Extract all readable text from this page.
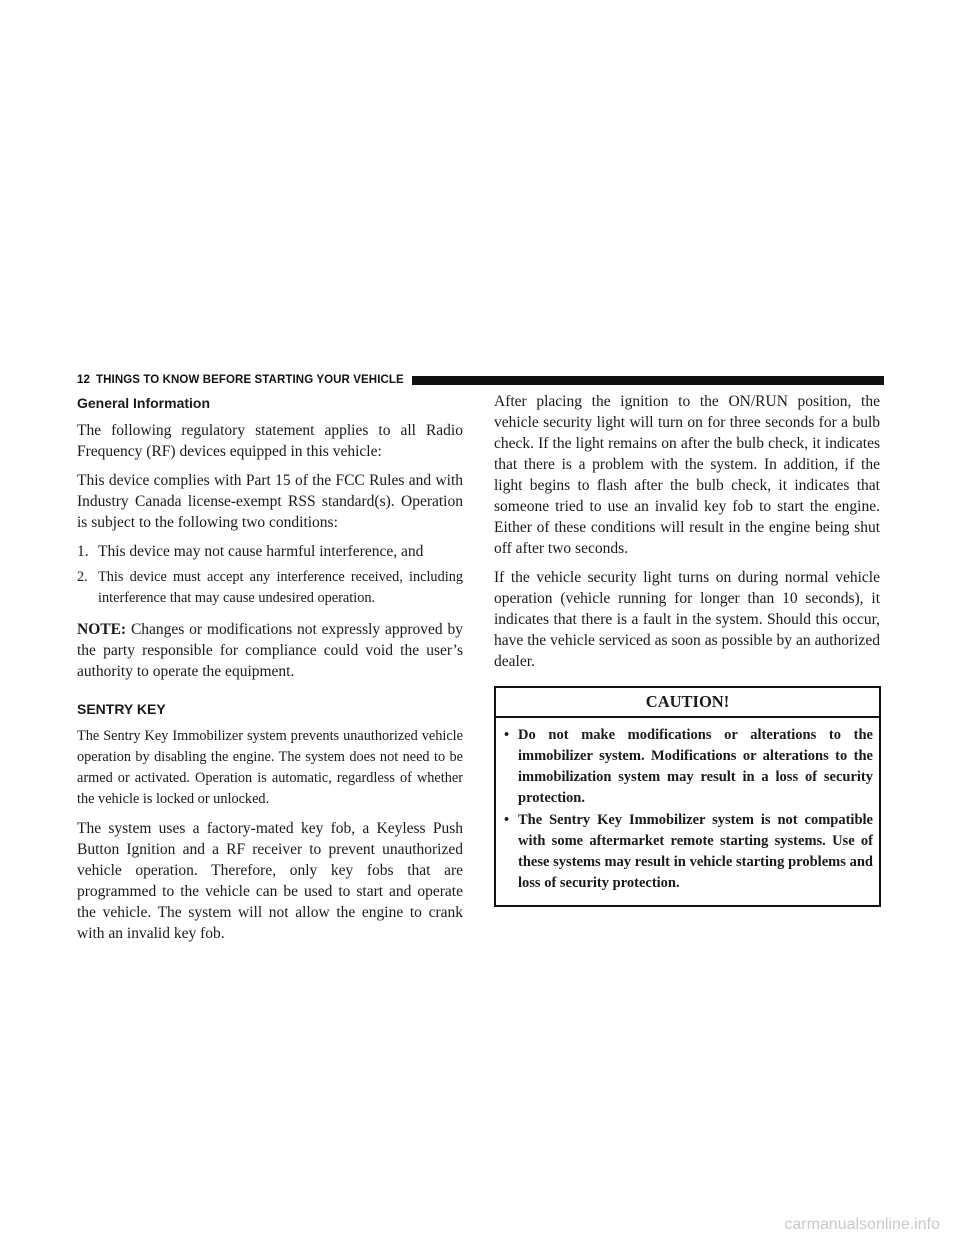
12 THINGS TO KNOW BEFORE STARTING YOUR VEHICLE
General Information

The following regulatory statement applies to all Radio Frequency (RF) devices equipped in this vehicle:

This device complies with Part 15 of the FCC Rules and with Industry Canada license-exempt RSS standard(s). Operation is subject to the following two conditions:

1. This device may not cause harmful interference, and
2. This device must accept any interference received, including interference that may cause undesired operation.

NOTE: Changes or modifications not expressly approved by the party responsible for compliance could void the user’s authority to operate the equipment.

SENTRY KEY

The Sentry Key Immobilizer system prevents unauthorized vehicle operation by disabling the engine. The system does not need to be armed or activated. Operation is automatic, regardless of whether the vehicle is locked or unlocked.

The system uses a factory-mated key fob, a Keyless Push Button Ignition and a RF receiver to prevent unauthorized vehicle operation. Therefore, only key fobs that are programmed to the vehicle can be used to start and operate the vehicle. The system will not allow the engine to crank with an invalid key fob.

After placing the ignition to the ON/RUN position, the vehicle security light will turn on for three seconds for a bulb check. If the light remains on after the bulb check, it indicates that there is a problem with the system. In addition, if the light begins to flash after the bulb check, it indicates that someone tried to use an invalid key fob to start the engine. Either of these conditions will result in the engine being shut off after two seconds.

If the vehicle security light turns on during normal vehicle operation (vehicle running for longer than 10 seconds), it indicates that there is a fault in the system. Should this occur, have the vehicle serviced as soon as possible by an authorized dealer.

CAUTION!
• Do not make modifications or alterations to the immobilizer system. Modifications or alterations to the immobilization system may result in a loss of security protection.
• The Sentry Key Immobilizer system is not compatible with some aftermarket remote starting systems. Use of these systems may result in vehicle starting problems and loss of security protection.
carmanualsonline.info
